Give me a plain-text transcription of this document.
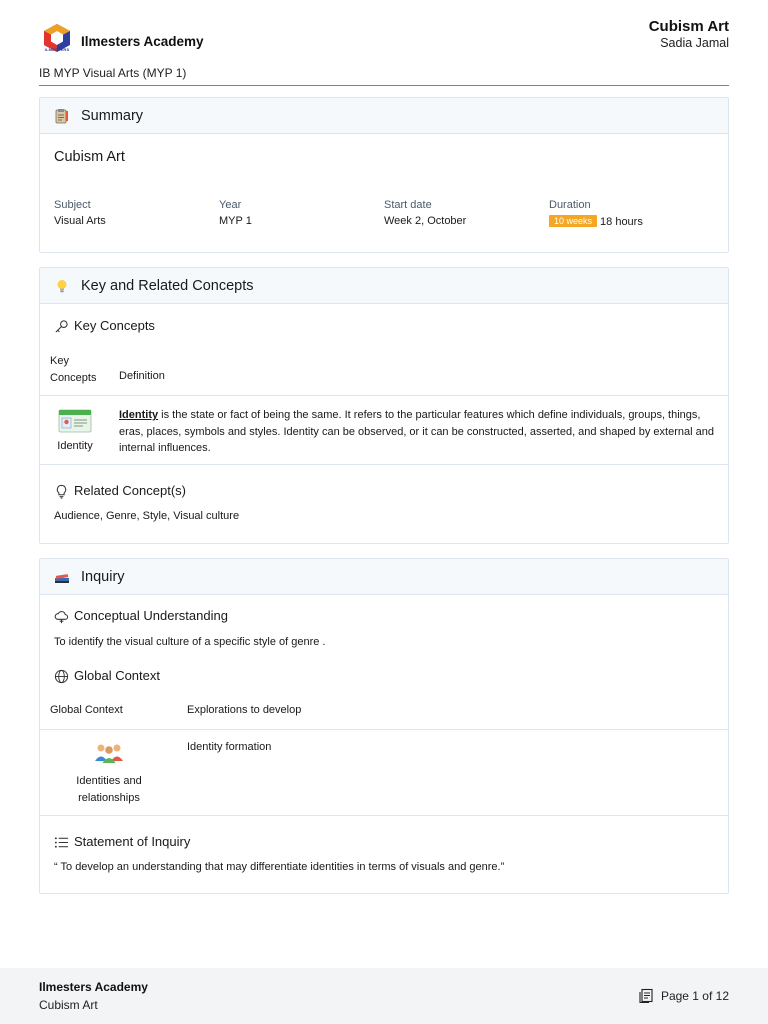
ILMESTERS
Ilmesters Academy
Cubism Art
Sadia Jamal
IB MYP Visual Arts (MYP 1)
Summary
Cubism Art
Subject
Visual Arts
Year
MYP 1
Start date
Week 2, October
Duration
10 weeks 18 hours
Key and Related Concepts
Key Concepts
Key
Concepts Definition
Identity
Identity is the state or fact of being the same. It refers to the particular features which define individuals, groups, things, eras, places, symbols and styles. Identity can be observed, or it can be constructed, asserted, and shaped by external and internal influences.
Related Concept(s)
Audience, Genre, Style, Visual culture
Inquiry
Conceptual Understanding
To identify the visual culture of a specific style of genre .
Global Context
Global Context	Explorations to develop
Identities and
relationships
Identity formation
Statement of Inquiry
“ To develop an understanding that may differentiate identities in terms of visuals and genre.”
Ilmesters Academy
Cubism Art
Page 1 of 12
